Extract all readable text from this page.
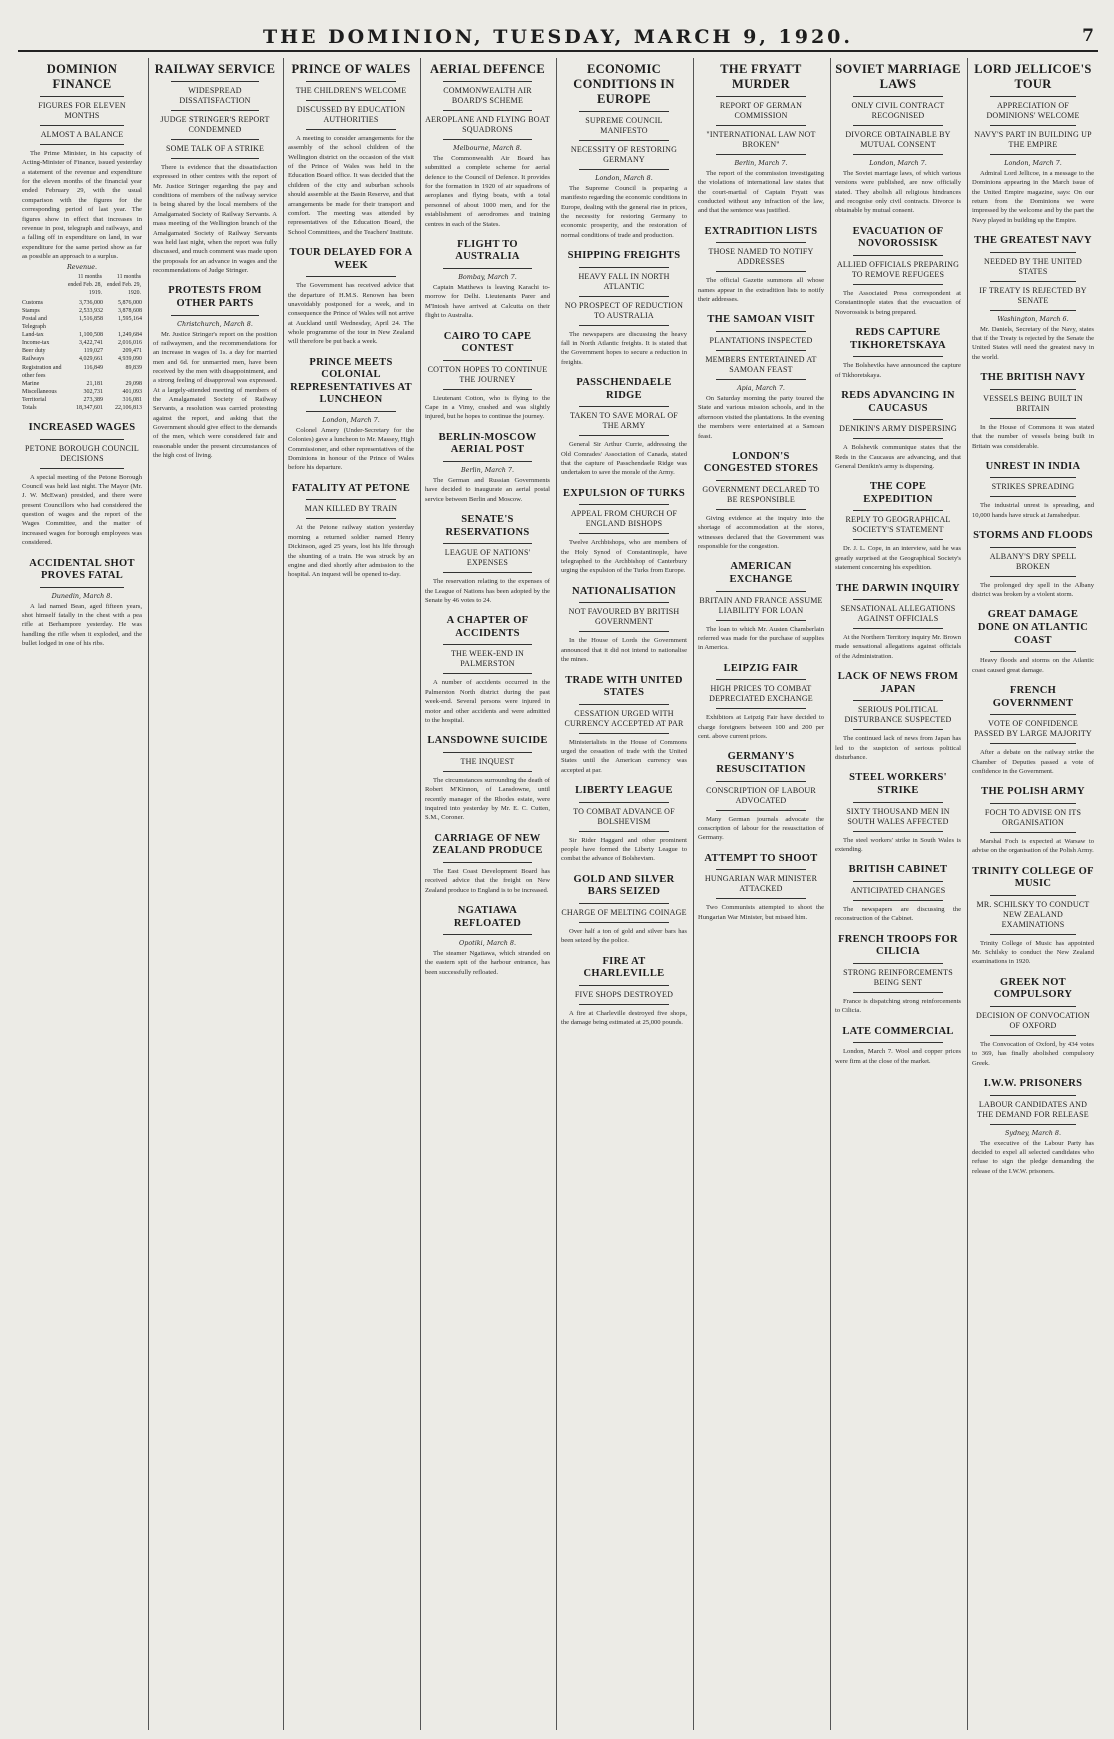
THE DOMINION, TUESDAY, MARCH 9, 1920.	7
DOMINION FINANCE
FIGURES FOR ELEVEN MONTHS
ALMOST A BALANCE
The Prime Minister, in his capacity of Acting-Minister of Finance, issued yesterday a statement of the revenue and expenditure for the eleven months of the financial year ended February 29, with the usual comparison with the figures for the corresponding period of last year. The figures show in effect that increases in revenue in post, telegraph and railways, and a falling off in expenditure on land, in war expenditure for the same period show as far as possible an approach to a surplus.
Revenue.
	11 months ended Feb. 28, 1919.	11 months ended Feb. 29, 1920.
Customs	3,736,000	5,876,000
Stamps	2,533,932	3,878,608
Postal and Telegraph	1,516,858	1,595,164
Land-tax	1,100,508	1,249,684
Income-tax	3,422,741	2,016,016
Beer duty	119,027	209,471
Railways	4,029,661	4,939,090
Registration and other fees	116,849	89,839
Marine	21,181	29,098
Miscellaneous	302,731	401,093
Territorial	273,389	316,081
Totals	18,347,601	22,106,813
INCREASED WAGES
PETONE BOROUGH COUNCIL DECISIONS
A special meeting of the Petone Borough Council was held last night. The Mayor (Mr. J. W. McEwan) presided, and there were present Councillors who had considered the question of wages and the report of the Wages Committee, and the matter of increased wages for borough employees was considered.
ACCIDENTAL SHOT PROVES FATAL
Dunedin, March 8.
A lad named Bean, aged fifteen years, shot himself fatally in the chest with a pea rifle at Berhampore yesterday. He was handling the rifle when it exploded, and the bullet lodged in one of his ribs.
RAILWAY SERVICE
WIDESPREAD DISSATISFACTION
JUDGE STRINGER'S REPORT CONDEMNED
SOME TALK OF A STRIKE
There is evidence that the dissatisfaction expressed in other centres with the report of Mr. Justice Stringer regarding the pay and conditions of members of the railway service is being shared by the local members of the Amalgamated Society of Railway Servants. A mass meeting of the Wellington branch of the Amalgamated Society of Railway Servants was held last night, when the report was fully discussed, and much comment was made upon the proposals for an advance in wages and the recommendations of Judge Stringer.
PROTESTS FROM OTHER PARTS
Christchurch, March 8.
Mr. Justice Stringer's report on the position of railwaymen, and the recommendations for an increase in wages of 1s. a day for married men and 6d. for unmarried men, have been received by the men with disappointment, and a strong feeling of disapproval was expressed. At a largely-attended meeting of members of the Amalgamated Society of Railway Servants, a resolution was carried protesting against the report, and asking that the Government should give effect to the demands of the men, which were considered fair and reasonable under the present circumstances of the high cost of living.
PRINCE OF WALES
THE CHILDREN'S WELCOME
DISCUSSED BY EDUCATION AUTHORITIES
A meeting to consider arrangements for the assembly of the school children of the Wellington district on the occasion of the visit of the Prince of Wales was held in the Education Board office. It was decided that the children of the city and suburban schools should assemble at the Basin Reserve, and that arrangements be made for their transport and comfort. The meeting was attended by representatives of the Education Board, the School Committees, and the Teachers' Institute.
TOUR DELAYED FOR A WEEK
The Government has received advice that the departure of H.M.S. Renown has been unavoidably postponed for a week, and in consequence the Prince of Wales will not arrive at Auckland until Wednesday, April 24. The whole programme of the tour in New Zealand will therefore be put back a week.
PRINCE MEETS COLONIAL REPRESENTATIVES AT LUNCHEON
London, March 7.
Colonel Amery (Under-Secretary for the Colonies) gave a luncheon to Mr. Massey, High Commissioner, and other representatives of the Dominions in honour of the Prince of Wales before his departure.
FATALITY AT PETONE
MAN KILLED BY TRAIN
At the Petone railway station yesterday morning a returned soldier named Henry Dickinson, aged 25 years, lost his life through the shunting of a train. He was struck by an engine and died shortly after admission to the hospital. An inquest will be opened to-day.
AERIAL DEFENCE
COMMONWEALTH AIR BOARD'S SCHEME
AEROPLANE AND FLYING BOAT SQUADRONS
Melbourne, March 8.
The Commonwealth Air Board has submitted a complete scheme for aerial defence to the Council of Defence. It provides for the formation in 1920 of air squadrons of aeroplanes and flying boats, with a total personnel of about 1000 men, and for the establishment of aerodromes and training centres in each of the States.
FLIGHT TO AUSTRALIA
Bombay, March 7.
Captain Matthews is leaving Karachi to-morrow for Delhi. Lieutenants Parer and M'Intosh have arrived at Calcutta on their flight to Australia.
CAIRO TO CAPE CONTEST
COTTON HOPES TO CONTINUE THE JOURNEY
Lieutenant Cotton, who is flying to the Cape in a Vimy, crashed and was slightly injured, but he hopes to continue the journey.
BERLIN-MOSCOW AERIAL POST
Berlin, March 7.
The German and Russian Governments have decided to inaugurate an aerial postal service between Berlin and Moscow.
SENATE'S RESERVATIONS
LEAGUE OF NATIONS' EXPENSES
The reservation relating to the expenses of the League of Nations has been adopted by the Senate by 46 votes to 24.
A CHAPTER OF ACCIDENTS
THE WEEK-END IN PALMERSTON
A number of accidents occurred in the Palmerston North district during the past week-end. Several persons were injured in motor and other accidents and were admitted to the hospital.
LANSDOWNE SUICIDE
THE INQUEST
The circumstances surrounding the death of Robert M'Kinnon, of Lansdowne, until recently manager of the Rhodes estate, were inquired into yesterday by Mr. E. C. Cutten, S.M., Coroner.
CARRIAGE OF NEW ZEALAND PRODUCE
The East Coast Development Board has received advice that the freight on New Zealand produce to England is to be increased.
NGATIAWA REFLOATED
Opotiki, March 8.
The steamer Ngatiawa, which stranded on the eastern spit of the harbour entrance, has been successfully refloated.
ECONOMIC CONDITIONS IN EUROPE
SUPREME COUNCIL MANIFESTO
NECESSITY OF RESTORING GERMANY
London, March 8.
The Supreme Council is preparing a manifesto regarding the economic conditions in Europe, dealing with the general rise in prices, the necessity for restoring Germany to economic prosperity, and the restoration of normal conditions of trade and production.
SHIPPING FREIGHTS
HEAVY FALL IN NORTH ATLANTIC
NO PROSPECT OF REDUCTION TO AUSTRALIA
The newspapers are discussing the heavy fall in North Atlantic freights. It is stated that the Government hopes to secure a reduction in freights.
PASSCHENDAELE RIDGE
TAKEN TO SAVE MORAL OF THE ARMY
General Sir Arthur Currie, addressing the Old Comrades' Association of Canada, stated that the capture of Passchendaele Ridge was undertaken to save the morale of the Army.
EXPULSION OF TURKS
APPEAL FROM CHURCH OF ENGLAND BISHOPS
Twelve Archbishops, who are members of the Holy Synod of Constantinople, have telegraphed to the Archbishop of Canterbury urging the expulsion of the Turks from Europe.
NATIONALISATION
NOT FAVOURED BY BRITISH GOVERNMENT
In the House of Lords the Government announced that it did not intend to nationalise the mines.
TRADE WITH UNITED STATES
CESSATION URGED WITH CURRENCY ACCEPTED AT PAR
Ministerialists in the House of Commons urged the cessation of trade with the United States until the American currency was accepted at par.
LIBERTY LEAGUE
TO COMBAT ADVANCE OF BOLSHEVISM
Sir Rider Haggard and other prominent people have formed the Liberty League to combat the advance of Bolshevism.
GOLD AND SILVER BARS SEIZED
CHARGE OF MELTING COINAGE
Over half a ton of gold and silver bars has been seized by the police.
FIRE AT CHARLEVILLE
FIVE SHOPS DESTROYED
A fire at Charleville destroyed five shops, the damage being estimated at 25,000 pounds.
THE FRYATT MURDER
REPORT OF GERMAN COMMISSION
"INTERNATIONAL LAW NOT BROKEN"
Berlin, March 7.
The report of the commission investigating the violations of international law states that the court-martial of Captain Fryatt was conducted without any infraction of the law, and that the sentence was justified.
EXTRADITION LISTS
THOSE NAMED TO NOTIFY ADDRESSES
The official Gazette summons all whose names appear in the extradition lists to notify their addresses.
THE SAMOAN VISIT
PLANTATIONS INSPECTED
MEMBERS ENTERTAINED AT SAMOAN FEAST
Apia, March 7.
On Saturday morning the party toured the State and various mission schools, and in the afternoon visited the plantations. In the evening the members were entertained at a Samoan feast.
LONDON'S CONGESTED STORES
GOVERNMENT DECLARED TO BE RESPONSIBLE
Giving evidence at the inquiry into the shortage of accommodation at the stores, witnesses declared that the Government was responsible for the congestion.
AMERICAN EXCHANGE
BRITAIN AND FRANCE ASSUME LIABILITY FOR LOAN
The loan to which Mr. Austen Chamberlain referred was made for the purchase of supplies in America.
LEIPZIG FAIR
HIGH PRICES TO COMBAT DEPRECIATED EXCHANGE
Exhibitors at Leipzig Fair have decided to charge foreigners between 100 and 200 per cent. above current prices.
GERMANY'S RESUSCITATION
CONSCRIPTION OF LABOUR ADVOCATED
Many German journals advocate the conscription of labour for the resuscitation of Germany.
ATTEMPT TO SHOOT
HUNGARIAN WAR MINISTER ATTACKED
Two Communists attempted to shoot the Hungarian War Minister, but missed him.
SOVIET MARRIAGE LAWS
ONLY CIVIL CONTRACT RECOGNISED
DIVORCE OBTAINABLE BY MUTUAL CONSENT
London, March 7.
The Soviet marriage laws, of which various versions were published, are now officially stated. They abolish all religious hindrances and recognise only civil contracts. Divorce is obtainable by mutual consent.
EVACUATION OF NOVOROSSISK
ALLIED OFFICIALS PREPARING TO REMOVE REFUGEES
The Associated Press correspondent at Constantinople states that the evacuation of Novorossisk is being prepared.
REDS CAPTURE TIKHORETSKAYA
The Bolsheviks have announced the capture of Tikhoretskaya.
REDS ADVANCING IN CAUCASUS
DENIKIN'S ARMY DISPERSING
A Bolshevik communique states that the Reds in the Caucasus are advancing, and that General Denikin's army is dispersing.
THE COPE EXPEDITION
REPLY TO GEOGRAPHICAL SOCIETY'S STATEMENT
Dr. J. L. Cope, in an interview, said he was greatly surprised at the Geographical Society's statement concerning his expedition.
THE DARWIN INQUIRY
SENSATIONAL ALLEGATIONS AGAINST OFFICIALS
At the Northern Territory inquiry Mr. Brown made sensational allegations against officials of the Administration.
LACK OF NEWS FROM JAPAN
SERIOUS POLITICAL DISTURBANCE SUSPECTED
The continued lack of news from Japan has led to the suspicion of serious political disturbance.
STEEL WORKERS' STRIKE
SIXTY THOUSAND MEN IN SOUTH WALES AFFECTED
The steel workers' strike in South Wales is extending.
BRITISH CABINET
ANTICIPATED CHANGES
The newspapers are discussing the reconstruction of the Cabinet.
FRENCH TROOPS FOR CILICIA
STRONG REINFORCEMENTS BEING SENT
France is dispatching strong reinforcements to Cilicia.
LATE COMMERCIAL
London, March 7. Wool and copper prices were firm at the close of the market.
LORD JELLICOE'S TOUR
APPRECIATION OF DOMINIONS' WELCOME
NAVY'S PART IN BUILDING UP THE EMPIRE
London, March 7.
Admiral Lord Jellicoe, in a message to the Dominions appearing in the March issue of the United Empire magazine, says: On our return from the Dominions we were impressed by the welcome and by the part the Navy played in building up the Empire.
THE GREATEST NAVY
NEEDED BY THE UNITED STATES
IF TREATY IS REJECTED BY SENATE
Washington, March 6.
Mr. Daniels, Secretary of the Navy, states that if the Treaty is rejected by the Senate the United States will need the greatest navy in the world.
THE BRITISH NAVY
VESSELS BEING BUILT IN BRITAIN
In the House of Commons it was stated that the number of vessels being built in Britain was considerable.
UNREST IN INDIA
STRIKES SPREADING
The industrial unrest is spreading, and 10,000 hands have struck at Jamshedpur.
STORMS AND FLOODS
ALBANY'S DRY SPELL BROKEN
The prolonged dry spell in the Albany district was broken by a violent storm.
GREAT DAMAGE DONE ON ATLANTIC COAST
Heavy floods and storms on the Atlantic coast caused great damage.
FRENCH GOVERNMENT
VOTE OF CONFIDENCE PASSED BY LARGE MAJORITY
After a debate on the railway strike the Chamber of Deputies passed a vote of confidence in the Government.
THE POLISH ARMY
FOCH TO ADVISE ON ITS ORGANISATION
Marshal Foch is expected at Warsaw to advise on the organisation of the Polish Army.
TRINITY COLLEGE OF MUSIC
MR. SCHILSKY TO CONDUCT NEW ZEALAND EXAMINATIONS
Trinity College of Music has appointed Mr. Schilsky to conduct the New Zealand examinations in 1920.
GREEK NOT COMPULSORY
DECISION OF CONVOCATION OF OXFORD
The Convocation of Oxford, by 434 votes to 369, has finally abolished compulsory Greek.
I.W.W. PRISONERS
LABOUR CANDIDATES AND THE DEMAND FOR RELEASE
Sydney, March 8.
The executive of the Labour Party has decided to expel all selected candidates who refuse to sign the pledge demanding the release of the I.W.W. prisoners.
